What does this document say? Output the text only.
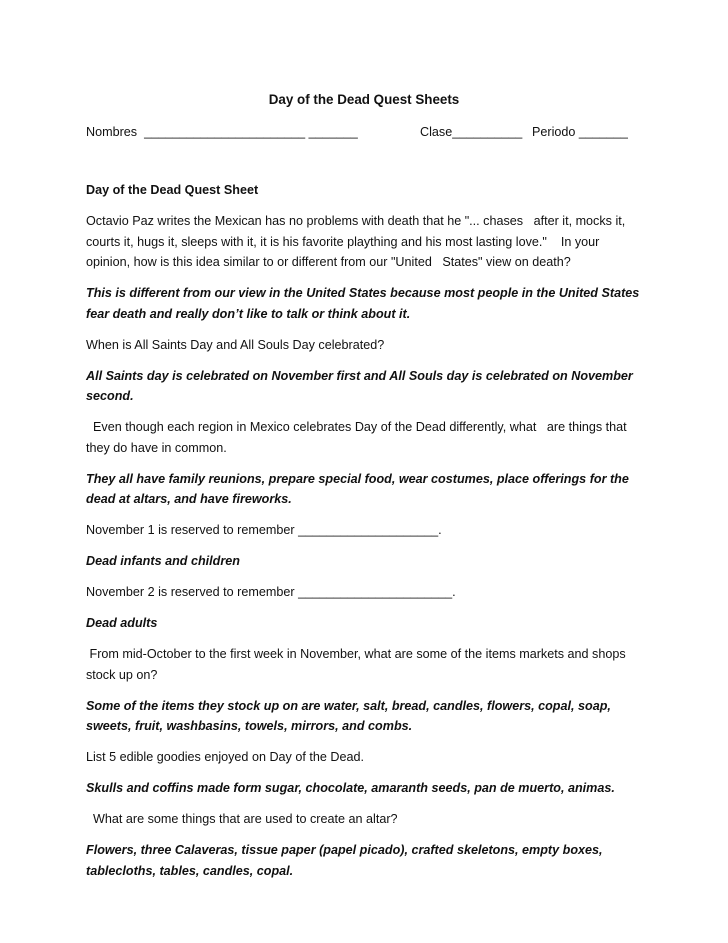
Day of the Dead Quest Sheets
Nombres  _______________________ _______	Clase__________ Periodo _______
Day of the Dead Quest Sheet
Octavio Paz writes the Mexican has no problems with death that he "... chases   after it, mocks it, courts it, hugs it, sleeps with it, it is his favorite plaything and his most lasting love."    In your opinion, how is this idea similar to or different from our "United   States" view on death?
This is different from our view in the United States because most people in the United States fear death and really don’t like to talk or think about it.
When is All Saints Day and All Souls Day celebrated?
All Saints day is celebrated on November first and All Souls day is celebrated on November second.
Even though each region in Mexico celebrates Day of the Dead differently, what   are things that they do have in common.
They all have family reunions, prepare special food, wear costumes, place offerings for the dead at altars, and have fireworks.
November 1 is reserved to remember ____________________.
Dead infants and children
November 2 is reserved to remember ______________________.
Dead adults
From mid-October to the first week in November, what are some of the items markets and shops stock up on?
Some of the items they stock up on are water, salt, bread, candles, flowers, copal, soap, sweets, fruit, washbasins, towels, mirrors, and combs.
List 5 edible goodies enjoyed on Day of the Dead.
Skulls and coffins made form sugar, chocolate, amaranth seeds, pan de muerto, animas.
What are some things that are used to create an altar?
Flowers, three Calaveras, tissue paper (papel picado), crafted skeletons, empty boxes, tablecloths, tables, candles, copal.
